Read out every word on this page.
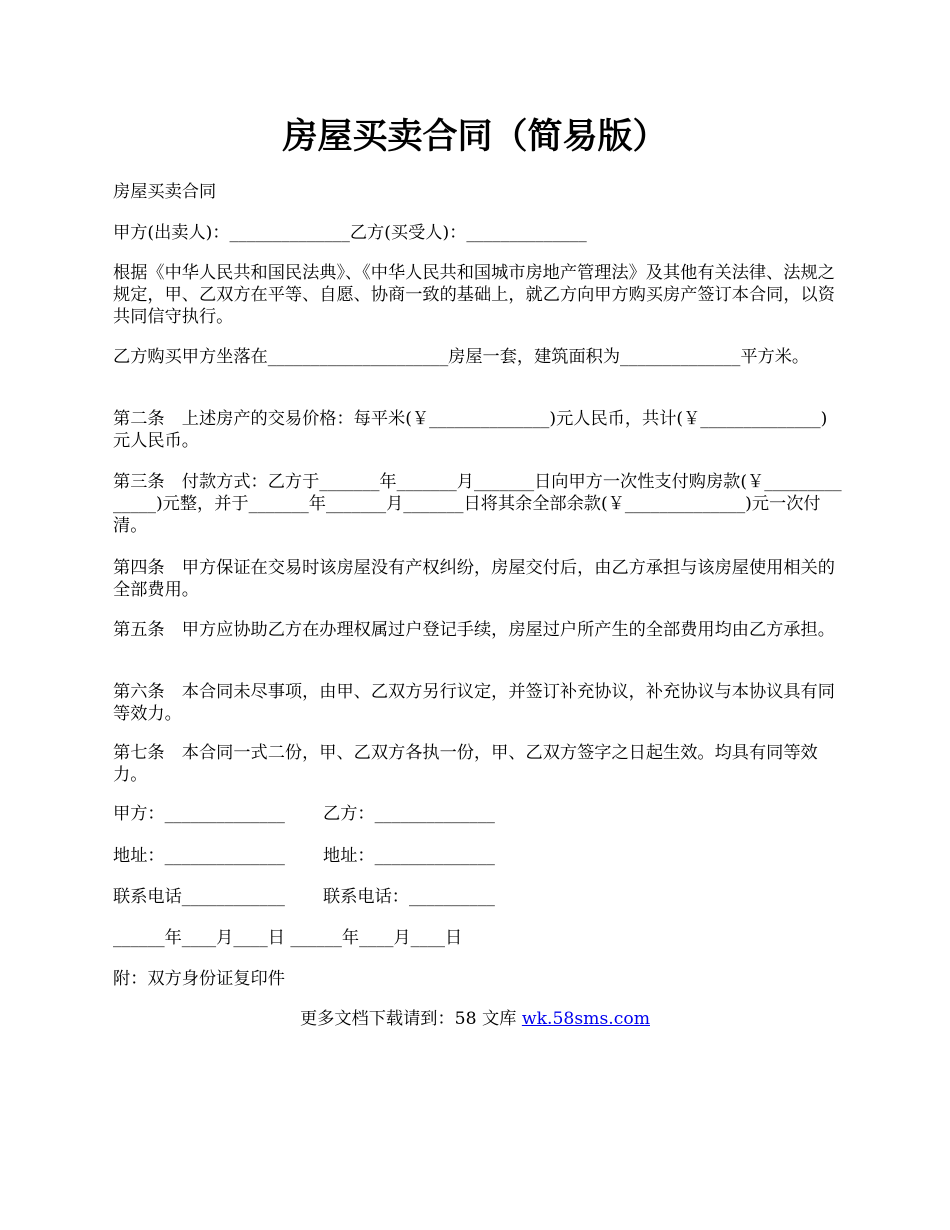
房屋买卖合同（简易版）

房屋买卖合同

甲方(出卖人)：______________乙方(买受人)：______________

根据《中华人民共和国民法典》、《中华人民共和国城市房地产管理法》及其他有关法律、法规之规定，甲、乙双方在平等、自愿、协商一致的基础上，就乙方向甲方购买房产签订本合同，以资共同信守执行。

乙方购买甲方坐落在_____________________房屋一套，建筑面积为______________平方米。

第二条　上述房产的交易价格：每平米(￥______________)元人民币，共计(￥______________)元人民币。

第三条　付款方式：乙方于_______年_______月_______日向甲方一次性支付购房款(￥______________)元整，并于_______年_______月_______日将其余全部余款(￥______________)元一次付清。

第四条　甲方保证在交易时该房屋没有产权纠纷，房屋交付后，由乙方承担与该房屋使用相关的全部费用。

第五条　甲方应协助乙方在办理权属过户登记手续，房屋过户所产生的全部费用均由乙方承担。

第六条　本合同未尽事项，由甲、乙双方另行议定，并签订补充协议，补充协议与本协议具有同等效力。

第七条　本合同一式二份，甲、乙双方各执一份，甲、乙双方签字之日起生效。均具有同等效力。

甲方：______________ 乙方：______________
地址：______________ 地址：______________
联系电话____________ 联系电话：__________
______年____月____日 ______年____月____日
附：双方身份证复印件
更多文档下载请到：58 文库 wk.58sms.com
